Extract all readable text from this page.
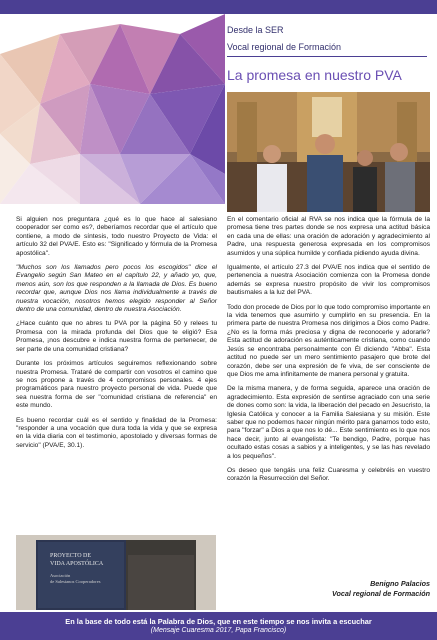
Desde la SER
Vocal regional de Formación
La promesa en nuestro PVA

Si alguien nos preguntara ¿qué es lo que hace al salesiano cooperador ser como es?, deberíamos recordar que el artículo que contiene, a modo de síntesis, todo nuestro Proyecto de Vida: el artículo 32 del PVA/E. Esto es: "Significado y fórmula de la Promesa apostólica".

"Muchos son los llamados pero pocos los escogidos" dice el Evangelio según San Mateo en el capítulo 22, y añado yo, que, menos aún, son los que responden a la llamada de Dios. Es bueno recordar que, aunque Dios nos llama individualmente a través de nuestra vocación, nosotros hemos elegido responder al Señor dentro de una comunidad, dentro de nuestra Asociación.

¿Hace cuánto que no abres tu PVA por la página 50 y relees tu Promesa con la mirada profunda del Dios que te eligió? Esa Promesa, ¡nos descubre e indica nuestra forma de pertenecer, de ser parte de una comunidad cristiana?

Durante los próximos artículos seguiremos reflexionando sobre nuestra Promesa. Trataré de compartir con vosotros el camino que se nos propone a través de 4 compromisos personales. 4 ejes programáticos para nuestro proyecto personal de vida. Puede que sea nuestra forma de ser "comunidad cristiana de referencia" en este mundo.

Es bueno recordar cuál es el sentido y finalidad de la Promesa: "responder a una vocación que dura toda la vida y que se expresa en la vida diaria con el testimonio, apostolado y diversas formas de servicio" (PVA/E, 30.1).

En el comentario oficial al RVA se nos indica que la fórmula de la promesa tiene tres partes donde se nos expresa una actitud básica en cada una de ellas: una oración de adoración y agradecimiento al Padre, una respuesta generosa expresada en los compromisos asumidos y una súplica humilde y confiada pidiendo ayuda divina.

Igualmente, el artículo 27.3 del PVA/E nos indica que el sentido de pertenencia a nuestra Asociación comienza con la Promesa donde además se expresa nuestro propósito de vivir los compromisos bautismales a la luz del PVA.

Todo don procede de Dios por lo que todo compromiso importante en la vida tenemos que asumirlo y cumplirlo en su presencia. En la primera parte de nuestra Promesa nos dirigimos a Dios como Padre. ¿No es la forma más preciosa y digna de reconocerle y adorarle? Esta actitud de adoración es auténticamente cristiana, como cuando Jesús se encontraba personalmente con Él diciendo "Abba". Esta actitud no puede ser un mero sentimiento pasajero que brote del corazón, debe ser una expresión de fe viva, de ser consciente de que Dios me ama infinitamente de manera personal y gratuita.

De la misma manera, y de forma seguida, aparece una oración de agradecimiento. Esta expresión de sentirse agraciado con una serie de dones como son: la vida, la liberación del pecado en Jesucristo, la Iglesia Católica y conocer a la Familia Salesiana y su misión. Este saber que no podemos hacer ningún mérito para ganarnos todo esto, para "forzar" a Dios a que nos lo dé... Este sentimiento es lo que nos hace decir, junto al evangelista: "Te bendigo, Padre, porque has ocultado estas cosas a sabios y a inteligentes, y se las has revelado a los pequeños".

Os deseo que tengáis una feliz Cuaresma y celebréis en vuestro corazón la Resurrección del Señor.

Benigno Palacios
Vocal regional de Formación
PROYECTO DE
VIDA APOSTÓLICA
Asociación
de Salesianos Cooperadores
En la base de todo está la Palabra de Dios, que en este tiempo se nos invita a escuchar
(Mensaje Cuaresma 2017, Papa Francisco)
